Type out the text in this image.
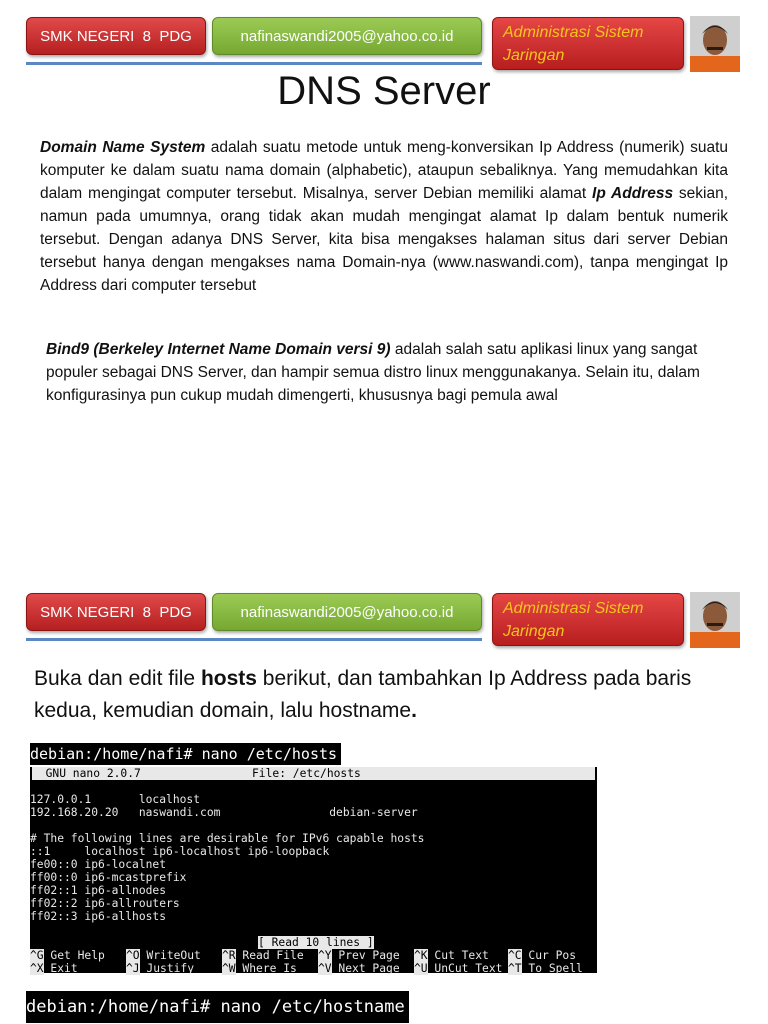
SMK NEGERI  8  PDG	nafinaswandi2005@yahoo.co.id	Administrasi Sistem
Jaringan
DNS Server

Domain Name System adalah suatu metode untuk meng-konversikan Ip Address (numerik) suatu komputer ke dalam suatu nama domain (alphabetic), ataupun sebaliknya. Yang memudahkan kita dalam mengingat computer tersebut. Misalnya, server Debian memiliki alamat Ip Address sekian, namun pada umumnya, orang tidak akan mudah mengingat alamat Ip dalam bentuk numerik tersebut. Dengan adanya DNS Server, kita bisa mengakses halaman situs dari server Debian tersebut hanya dengan mengakses nama Domain-nya (www.naswandi.com), tanpa mengingat Ip Address dari computer tersebut

Bind9 (Berkeley Internet Name Domain versi 9) adalah salah satu aplikasi linux yang sangat populer sebagai DNS Server, dan hampir semua distro linux menggunakanya. Selain itu, dalam konfigurasinya pun cukup mudah dimengerti, khususnya bagi pemula awal

SMK NEGERI  8  PDG	nafinaswandi2005@yahoo.co.id	Administrasi Sistem
Jaringan
Buka dan edit file hosts berikut, dan tambahkan Ip Address pada baris kedua, kemudian domain, lalu hostname.
debian:/home/nafi# nano /etc/hosts
GNU nano 2.0.7	File: /etc/hosts
127.0.0.1       localhost
192.168.20.20   naswandi.com                debian-server
# The following lines are desirable for IPv6 capable hosts
::1     localhost ip6-localhost ip6-loopback
fe00::0 ip6-localnet
ff00::0 ip6-mcastprefix
ff02::1 ip6-allnodes
ff02::2 ip6-allrouters
ff02::3 ip6-allhosts
[ Read 10 lines ]
^G Get Help ^O WriteOut ^R Read File ^Y Prev Page ^K Cut Text ^C Cur Pos
^X Exit	^J Justify ^W Where Is ^V Next Page ^U UnCut Text ^T To Spell
debian:/home/nafi# nano /etc/hostname
